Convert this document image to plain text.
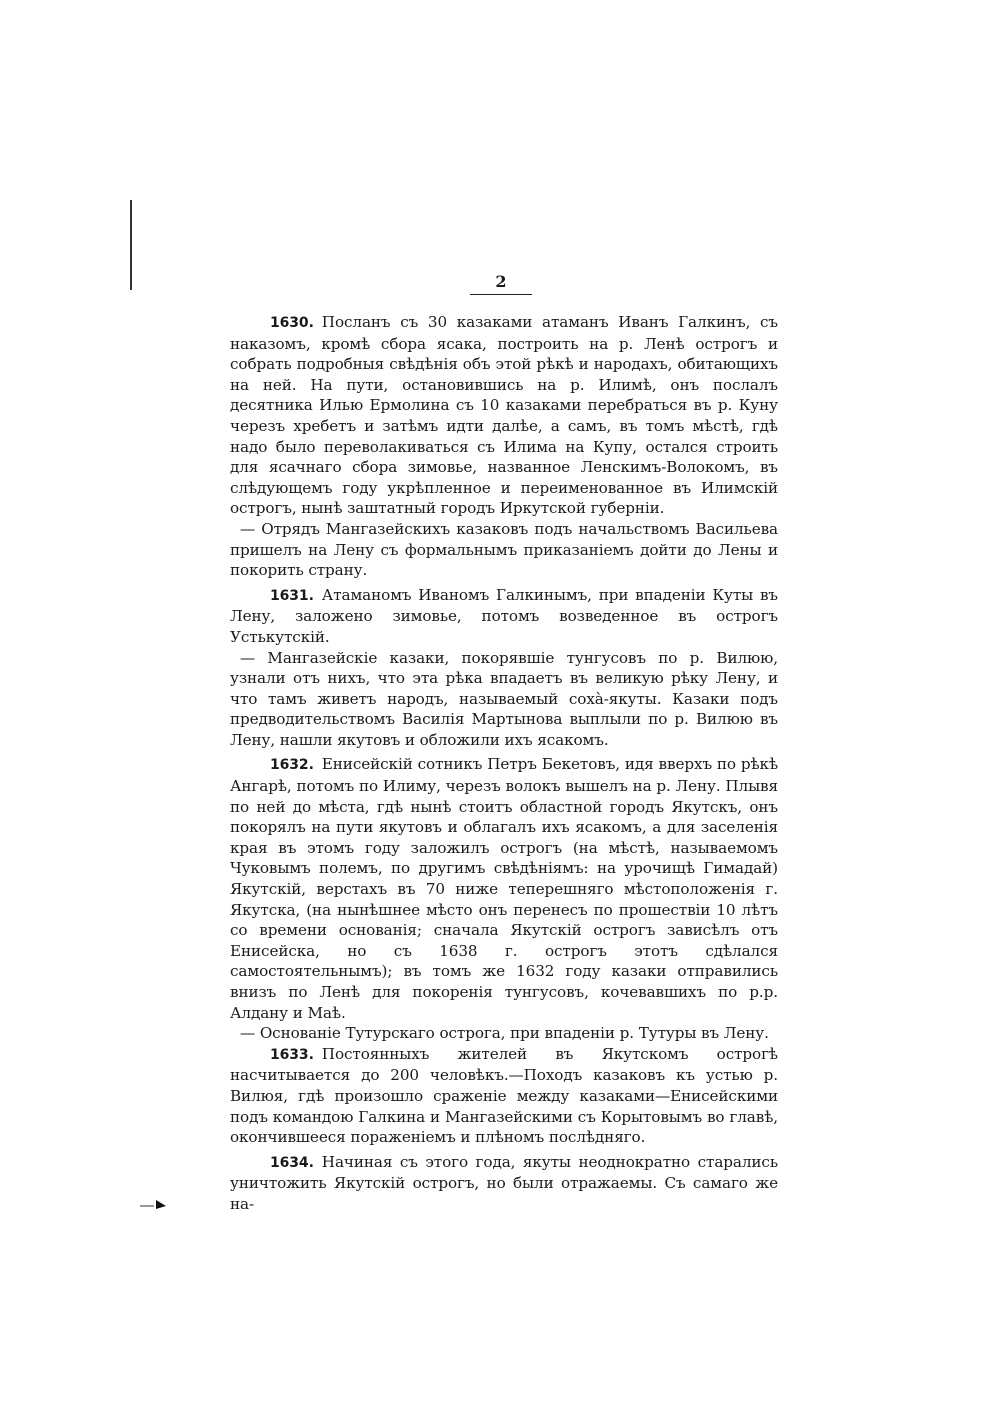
2

1630. Посланъ съ 30 казаками атаманъ Иванъ Галкинъ, съ наказомъ, кромѣ сбора ясака, построить на р. Ленѣ острогъ и собрать подробныя свѣдѣнія объ этой рѣкѣ и народахъ, обитающихъ на ней. На пути, остановившись на р. Илимѣ, онъ послалъ десятника Илью Ермолина съ 10 казаками перебраться въ р. Куну черезъ хребетъ и затѣмъ идти далѣе, а самъ, въ томъ мѣстѣ, гдѣ надо было переволакиваться съ Илима на Купу, остался строить для ясачнаго сбора зимовье, названное Ленскимъ-Волокомъ, въ слѣдующемъ году укрѣпленное и переименованное въ Илимскій острогъ, нынѣ заштатный городъ Иркутской губерніи.

— Отрядъ Мангазейскихъ казаковъ подъ начальствомъ Васильева пришелъ на Лену съ формальнымъ приказаніемъ дойти до Лены и покорить страну.

1631. Атаманомъ Иваномъ Галкинымъ, при впаденіи Куты въ Лену, заложено зимовье, потомъ возведенное въ острогъ Устькутскій.

— Мангазейскіе казаки, покорявшіе тунгусовъ по р. Вилюю, узнали отъ нихъ, что эта рѣка впадаетъ въ великую рѣку Лену, и что тамъ живетъ народъ, называемый сохà-якуты. Казаки подъ предводительствомъ Василія Мартынова выплыли по р. Вилюю въ Лену, нашли якутовъ и обложили ихъ ясакомъ.

1632. Енисейскій сотникъ Петръ Бекетовъ, идя вверхъ по рѣкѣ Ангарѣ, потомъ по Илиму, черезъ волокъ вышелъ на р. Лену. Плывя по ней до мѣста, гдѣ нынѣ стоитъ областной городъ Якутскъ, онъ покорялъ на пути якутовъ и облагалъ ихъ ясакомъ, а для заселенія края въ этомъ году заложилъ острогъ (на мѣстѣ, называемомъ Чуковымъ полемъ, по другимъ свѣдѣніямъ: на урочищѣ Гимадай) Якутскій, верстахъ въ 70 ниже теперешняго мѣстоположенія г. Якутска, (на нынѣшнее мѣсто онъ перенесъ по прошествіи 10 лѣтъ со времени основанія; сначала Якутскій острогъ зависѣлъ отъ Енисейска, но съ 1638 г. острогъ этотъ сдѣлался самостоятельнымъ); въ томъ же 1632 году казаки отправились внизъ по Ленѣ для покоренія тунгусовъ, кочевавшихъ по р.р. Алдану и Маѣ.

— Основаніе Тутурскаго острога, при впаденіи р. Тутуры въ Лену.

1633. Постоянныхъ жителей въ Якутскомъ острогѣ насчитывается до 200 человѣкъ.—Походъ казаковъ къ устью р. Вилюя, гдѣ произошло сраженіе между казаками—Енисейскими подъ командою Галкина и Мангазейскими съ Корытовымъ во главѣ, окончившееся пораженіемъ и плѣномъ послѣдняго.

1634. Начиная съ этого года, якуты неоднократно старались уничтожить Якутскій острогъ, но были отражаемы. Съ самаго же на-
